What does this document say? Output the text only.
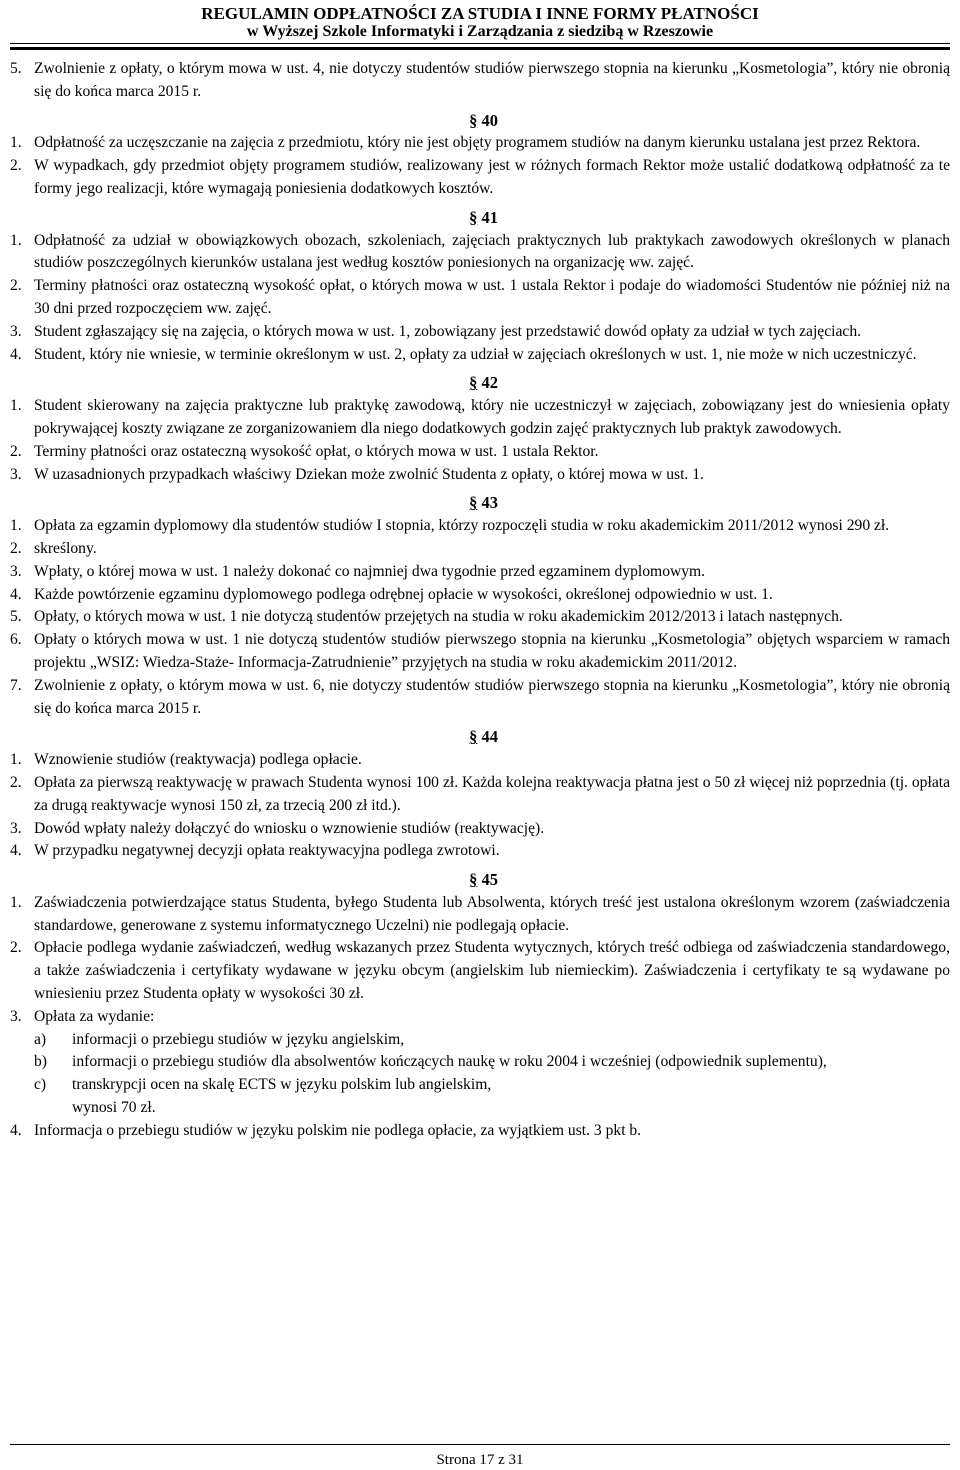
REGULAMIN ODPŁATNOŚCI ZA STUDIA I INNE FORMY PŁATNOŚCI
w Wyższej Szkole Informatyki i Zarządzania z siedzibą w Rzeszowie
5. Zwolnienie z opłaty, o którym mowa w ust. 4, nie dotyczy studentów studiów pierwszego stopnia na kierunku „Kosmetologia”, który nie obronią się do końca marca 2015 r.
§ 40
1. Odpłatność za uczęszczanie na zajęcia z przedmiotu, który nie jest objęty programem studiów na danym kierunku ustalana jest przez Rektora.
2. W wypadkach, gdy przedmiot objęty programem studiów, realizowany jest w różnych formach Rektor może ustalić dodatkową odpłatność za te formy jego realizacji, które wymagają poniesienia dodatkowych kosztów.
§ 41
1. Odpłatność za udział w obowiązkowych obozach, szkoleniach, zajęciach praktycznych lub praktykach zawodowych określonych w planach studiów poszczególnych kierunków ustalana jest według kosztów poniesionych na organizację ww. zajęć.
2. Terminy płatności oraz ostateczną wysokość opłat, o których mowa w ust. 1 ustala Rektor i podaje do wiadomości Studentów nie później niż na 30 dni przed rozpoczęciem ww. zajęć.
3. Student zgłaszający się na zajęcia, o których mowa w ust. 1, zobowiązany jest przedstawić dowód opłaty za udział w tych zajęciach.
4. Student, który nie wniesie, w terminie określonym w ust. 2, opłaty za udział w zajęciach określonych w ust. 1, nie może w nich uczestniczyć.
§ 42
1. Student skierowany na zajęcia praktyczne lub praktykę zawodową, który nie uczestniczył w zajęciach, zobowiązany jest do wniesienia opłaty pokrywającej koszty związane ze zorganizowaniem dla niego dodatkowych godzin zajęć praktycznych lub praktyk zawodowych.
2. Terminy płatności oraz ostateczną wysokość opłat, o których mowa w ust. 1 ustala Rektor.
3. W uzasadnionych przypadkach właściwy Dziekan może zwolnić Studenta z opłaty, o której mowa w ust. 1.
§ 43
1. Opłata za egzamin dyplomowy dla studentów studiów I stopnia, którzy rozpoczęli studia w roku akademickim 2011/2012 wynosi 290 zł.
2. skreślony.
3. Wpłaty, o której mowa w ust. 1 należy dokonać co najmniej dwa tygodnie przed egzaminem dyplomowym.
4. Każde powtórzenie egzaminu dyplomowego podlega odrębnej opłacie w wysokości, określonej odpowiednio w ust. 1.
5. Opłaty, o których mowa w ust. 1 nie dotyczą studentów przejętych na studia w roku akademickim 2012/2013 i latach następnych.
6. Opłaty o których mowa w ust. 1 nie dotyczą studentów studiów pierwszego stopnia na kierunku „Kosmetologia” objętych wsparciem w ramach projektu „WSIZ: Wiedza-Staże- Informacja-Zatrudnienie” przyjętych na studia w roku akademickim 2011/2012.
7. Zwolnienie z opłaty, o którym mowa w ust. 6, nie dotyczy studentów studiów pierwszego stopnia na kierunku „Kosmetologia”, który nie obronią się do końca marca 2015 r.
§ 44
1. Wznowienie studiów (reaktywacja) podlega opłacie.
2. Opłata za pierwszą reaktywację w prawach Studenta wynosi 100 zł. Każda kolejna reaktywacja płatna jest o 50 zł więcej niż poprzednia (tj. opłata za drugą reaktywacje wynosi 150 zł, za trzecią 200 zł itd.).
3. Dowód wpłaty należy dołączyć do wniosku o wznowienie studiów (reaktywację).
4. W przypadku negatywnej decyzji opłata reaktywacyjna podlega zwrotowi.
§ 45
1. Zaświadczenia potwierdzające status Studenta, byłego Studenta lub Absolwenta, których treść jest ustalona określonym wzorem (zaświadczenia standardowe, generowane z systemu informatycznego Uczelni) nie podlegają opłacie.
2. Opłacie podlega wydanie zaświadczeń, według wskazanych przez Studenta wytycznych, których treść odbiega od zaświadczenia standardowego, a także zaświadczenia i certyfikaty wydawane w języku obcym (angielskim lub niemieckim). Zaświadczenia i certyfikaty te są wydawane po wniesieniu przez Studenta opłaty w wysokości 30 zł.
3. Opłata za wydanie:
a) informacji o przebiegu studiów w języku angielskim,
b) informacji o przebiegu studiów dla absolwentów kończących naukę w roku 2004 i wcześniej (odpowiednik suplementu),
c) transkrypcji ocen na skalę ECTS w języku polskim lub angielskim,
wynosi 70 zł.
4. Informacja o przebiegu studiów w języku polskim nie podlega opłacie, za wyjątkiem ust. 3 pkt b.
Strona 17 z 31
